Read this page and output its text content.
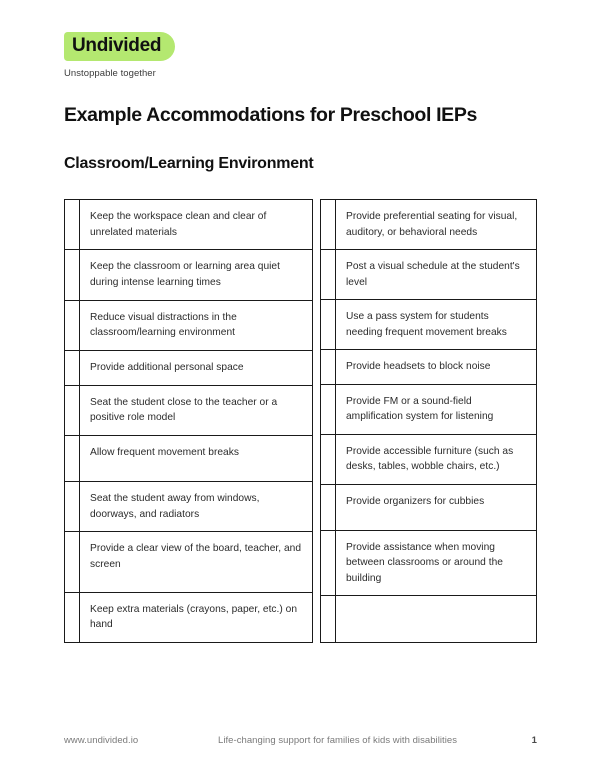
Undivided
Unstoppable together
Example Accommodations for Preschool IEPs
Classroom/Learning Environment
	Keep the workspace clean and clear of unrelated materials
	Keep the classroom or learning area quiet during intense learning times
	Reduce visual distractions in the classroom/learning environment
	Provide additional personal space
	Seat the student close to the teacher or a positive role model
	Allow frequent movement breaks
	Seat the student away from windows, doorways, and radiators
	Provide a clear view of the board, teacher, and screen
	Keep extra materials (crayons, paper, etc.) on hand
	Provide preferential seating for visual, auditory, or behavioral needs
	Post a visual schedule at the student's level
	Use a pass system for students needing frequent movement breaks
	Provide headsets to block noise
	Provide FM or a sound-field amplification system for listening
	Provide accessible furniture (such as desks, tables, wobble chairs, etc.)
	Provide organizers for cubbies
	Provide assistance when moving between classrooms or around the building

www.undivided.io	Life-changing support for families of kids with disabilities	1
